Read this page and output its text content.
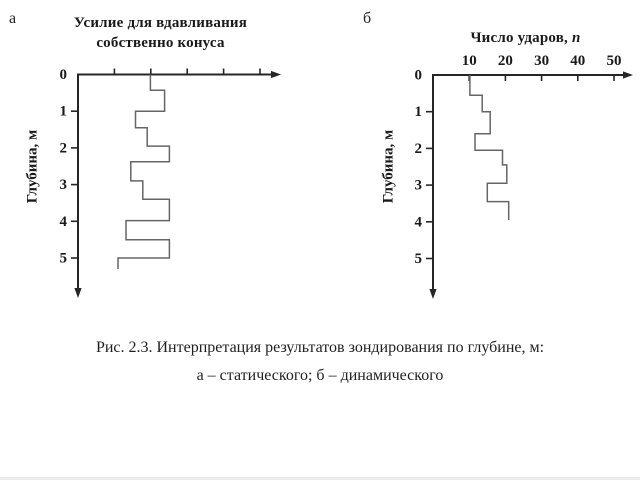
0
1
2
3
4
5
10 20 30 40 50
0
1
2
3
4
5
а	б
Усилие для вдавливания
собственно конуса	Число ударов, n
Глубина, м	Глубина, м
Рис. 2.3. Интерпретация результатов зондирования по глубине, м:
а – статического; б – динамического
